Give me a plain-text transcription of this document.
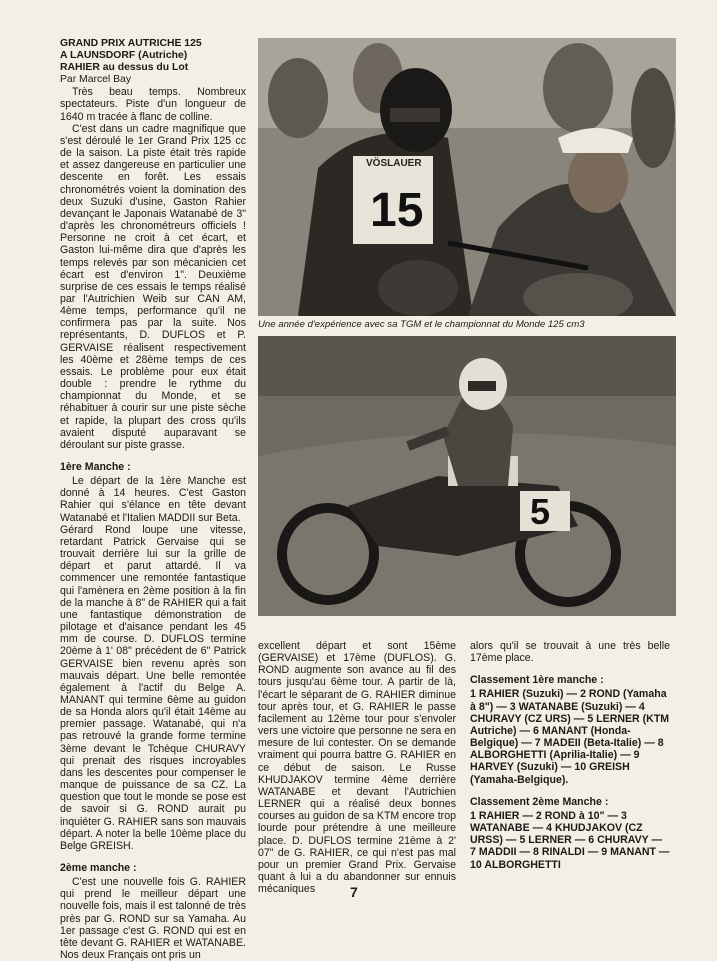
GRAND PRIX AUTRICHE 125

A LAUNSDORF (Autriche)

RAHIER au dessus du Lot

Par Marcel Bay

Très beau temps. Nombreux spectateurs. Piste d'un longueur de 1640 m tracée à flanc de colline.

C'est dans un cadre magnifique que s'est déroulé le 1er Grand Prix 125 cc de la saison. La piste était très rapide et assez dangereuse en particulier une descente en forêt. Les essais chronométrés voient la domination des deux Suzuki d'usine, Gaston Rahier devançant le Japonais Watanabé de 3" d'après les chronométreurs officiels ! Personne ne croit à cet écart, et Gaston lui-même dira que d'après les temps relevés par son mécanicien cet écart est d'environ 1". Deuxième surprise de ces essais le temps réalisé par l'Autrichien Weib sur CAN AM, 4ème temps, performance qu'il ne confirmera pas par la suite. Nos représentants, D. DUFLOS et P. GERVAISE réalisent respectivement les 40ème et 28ème temps de ces essais. Le problème pour eux était double : prendre le rythme du championnat du Monde, et se réhabituer à courir sur une piste sèche et rapide, la plupart des cross qu'ils avaient disputé auparavant se déroulant sur piste grasse.

1ère Manche :

Le départ de la 1ère Manche est donné à 14 heures. C'est Gaston Rahier qui s'élance en tête devant Watanabé et l'Italien MADDII sur Beta.

Gérard Rond loupe une vitesse, retardant Patrick Gervaise qui se trouvait derrière lui sur la grille de départ et parut attardé. Il va commencer une remontée fantastique qui l'amènera en 2ème position à la fin de la manche à 8" de RAHIER qui a fait une fantastique démonstration de pilotage et d'aisance pendant les 45 mm de course. D. DUFLOS termine 20ème à 1' 08" précédent de 6" Patrick GERVAISE bien revenu après son mauvais départ. Une belle remontée également à l'actif du Belge A. MANANT qui termine 6ème au guidon de sa Honda alors qu'il était 14ème au premier passage. Watanabé, qui n'a pas retrouvé la grande forme termine 3ème devant le Tchèque CHURAVY qui prenait des risques incroyables dans les descentes pour compenser le manque de puissance de sa CZ. La question que tout le monde se pose est de savoir si G. ROND aurait pu inquiéter G. RAHIER sans son mauvais départ. A noter la belle 10ème place du Belge GREISH.

2ème manche :

C'est une nouvelle fois G. RAHIER qui prend le meilleur départ une nouvelle fois, mais il est talonné de très près par G. ROND sur sa Yamaha. Au 1er passage c'est G. ROND qui est en tête devant G. RAHIER et WATANABE. Nos deux Français ont pris un

VÖSLAUER
15
Une année d'expérience avec sa TGM et le championnat du Monde 125 cm3
5

excellent départ et sont 15ème (GERVAISE) et 17ème (DUFLOS). G. ROND augmente son avance au fil des tours jusqu'au 6ème tour. A partir de là, l'écart le séparant de G. RAHIER diminue tour après tour, et G. RAHIER le passe facilement au 12ème tour pour s'envoler vers une victoire que personne ne sera en mesure de lui contester. On se demande vraiment qui pourra battre G. RAHIER en ce début de saison. Le Russe KHUDJAKOV termine 4ème derrière WATANABE et devant l'Autrichien LERNER qui a réalisé deux bonnes courses au guidon de sa KTM encore trop lourde pour prétendre à une meilleure place. D. DUFLOS termine 21ème à 2' 07" de G. RAHIER, ce qui n'est pas mal pour un premier Grand Prix. Gervaise quant à lui a du abandonner sur ennuis mécaniques

alors qu'il se trouvait à une très belle 17ème place.

Classement 1ère manche :

1 RAHIER (Suzuki) — 2 ROND (Yamaha à 8") — 3 WATANABE (Suzuki) — 4 CHURAVY (CZ URS) — 5 LERNER (KTM Autriche) — 6 MANANT (Honda-Belgique) — 7 MADEII (Beta-Italie) — 8 ALBORGHETTI (Aprilia-Italie) — 9 HARVEY (Suzuki) — 10 GREISH (Yamaha-Belgique).

Classement 2ème Manche :

1 RAHIER — 2 ROND à 10" — 3 WATANABE — 4 KHUDJAKOV (CZ URSS) — 5 LERNER — 6 CHURAVY — 7 MADDII — 8 RINALDI — 9 MANANT — 10 ALBORGHETTI

7
